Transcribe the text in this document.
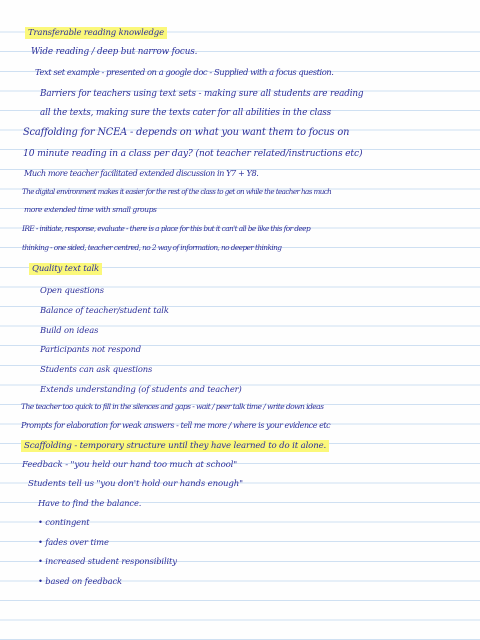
Transferable reading knowledge
Wide reading / deep but narrow focus.
Text set example - presented on a google doc - Supplied with a focus question.
Barriers for teachers using text sets - making sure all students are reading
all the texts, making sure the texts cater for all abilities in the class
Scaffolding for NCEA - depends on what you want them to focus on
10 minute reading in a class per day? (not teacher related/instructions etc)
Much more teacher facilitated extended discussion in Y7 + Y8.
The digital environment makes it easier for the rest of the class to get on while the teacher has much
more extended time with small groups
IRE - initiate, response, evaluate - there is a place for this but it can't all be like this for deep
thinking - one sided, teacher centred, no 2 way of information, no deeper thinking
Quality text talk
Open questions
Balance of teacher/student talk
Build on ideas
Participants not respond
Students can ask questions
Extends understanding (of students and teacher)
The teacher too quick to fill in the silences and gaps - wait / peer talk time / write down ideas
Prompts for elaboration for weak answers - tell me more / where is your evidence etc
Scaffolding - temporary structure until they have learned to do it alone.
Feedback - "you held our hand too much at school"
Students tell us "you don't hold our hands enough"
Have to find the balance.
• contingent
• fades over time
• increased student responsibility
• based on feedback
